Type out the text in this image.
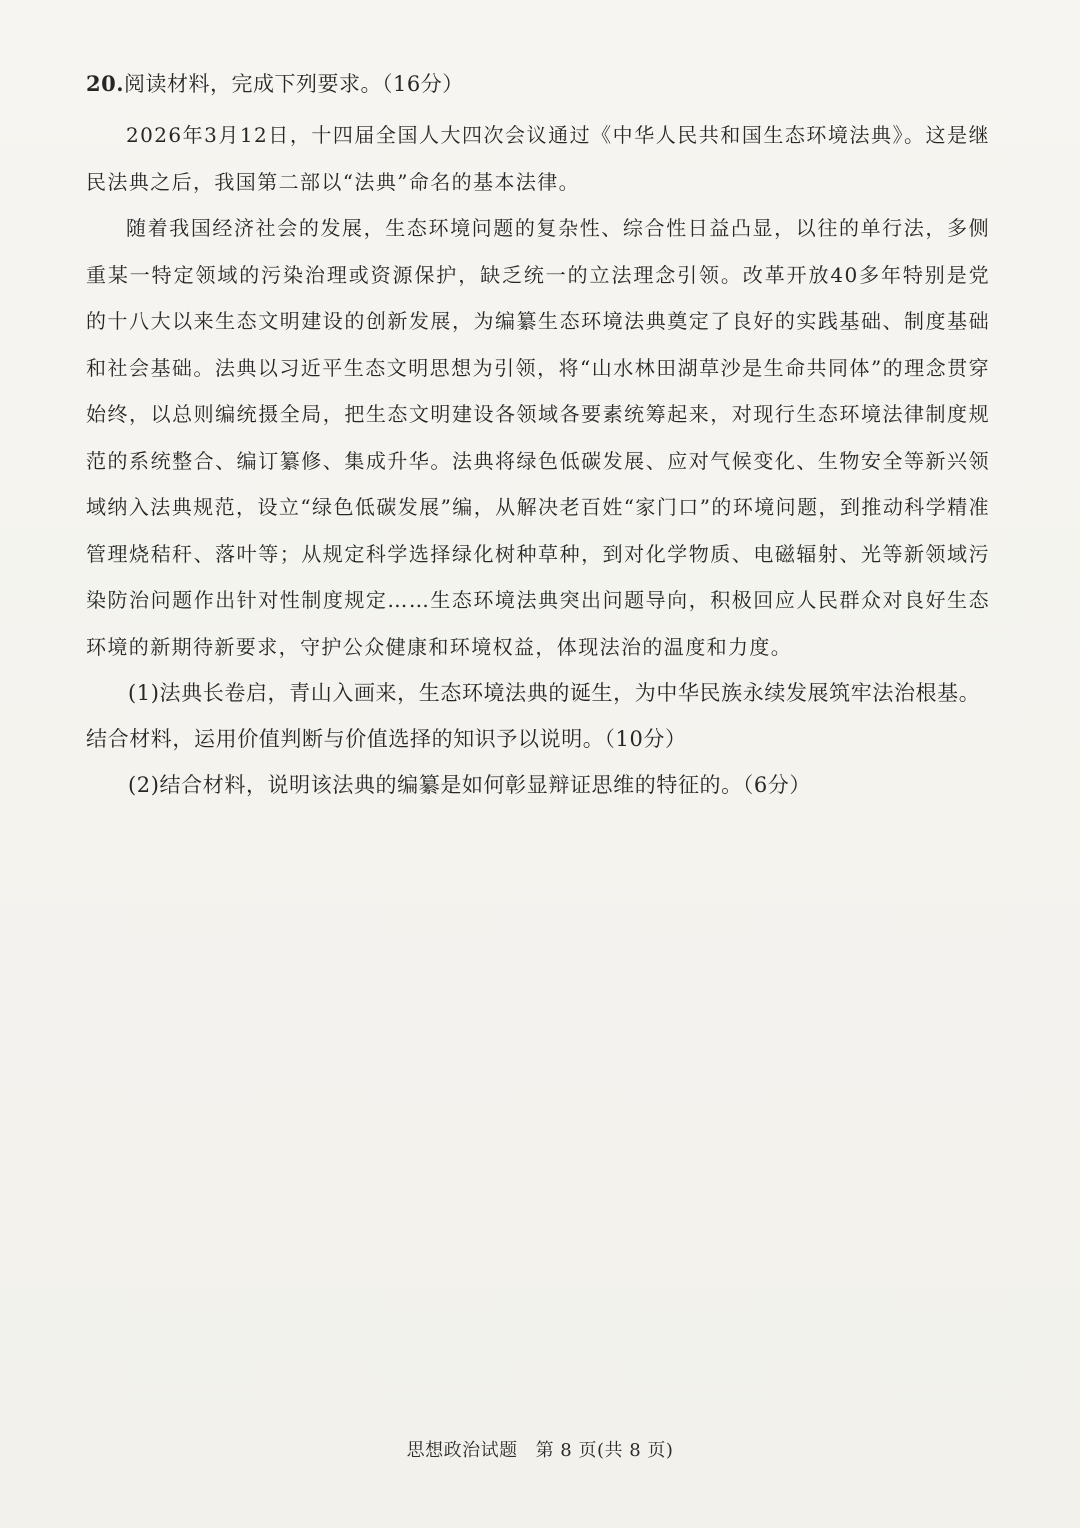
20.阅读材料，完成下列要求。（16分）

2026年3月12日，十四届全国人大四次会议通过《中华人民共和国生态环境法典》。这是继民法典之后，我国第二部以“法典”命名的基本法律。

随着我国经济社会的发展，生态环境问题的复杂性、综合性日益凸显，以往的单行法，多侧重某一特定领域的污染治理或资源保护，缺乏统一的立法理念引领。改革开放40多年特别是党的十八大以来生态文明建设的创新发展，为编纂生态环境法典奠定了良好的实践基础、制度基础和社会基础。法典以习近平生态文明思想为引领，将“山水林田湖草沙是生命共同体”的理念贯穿始终，以总则编统摄全局，把生态文明建设各领域各要素统筹起来，对现行生态环境法律制度规范的系统整合、编订纂修、集成升华。法典将绿色低碳发展、应对气候变化、生物安全等新兴领域纳入法典规范，设立“绿色低碳发展”编，从解决老百姓“家门口”的环境问题，到推动科学精准管理烧秸秆、落叶等；从规定科学选择绿化树种草种，到对化学物质、电磁辐射、光等新领域污染防治问题作出针对性制度规定……生态环境法典突出问题导向，积极回应人民群众对良好生态环境的新期待新要求，守护公众健康和环境权益，体现法治的温度和力度。

(1)法典长卷启，青山入画来，生态环境法典的诞生，为中华民族永续发展筑牢法治根基。结合材料，运用价值判断与价值选择的知识予以说明。（10分）

(2)结合材料，说明该法典的编纂是如何彰显辩证思维的特征的。（6分）

思想政治试题 第 8 页(共 8 页)
